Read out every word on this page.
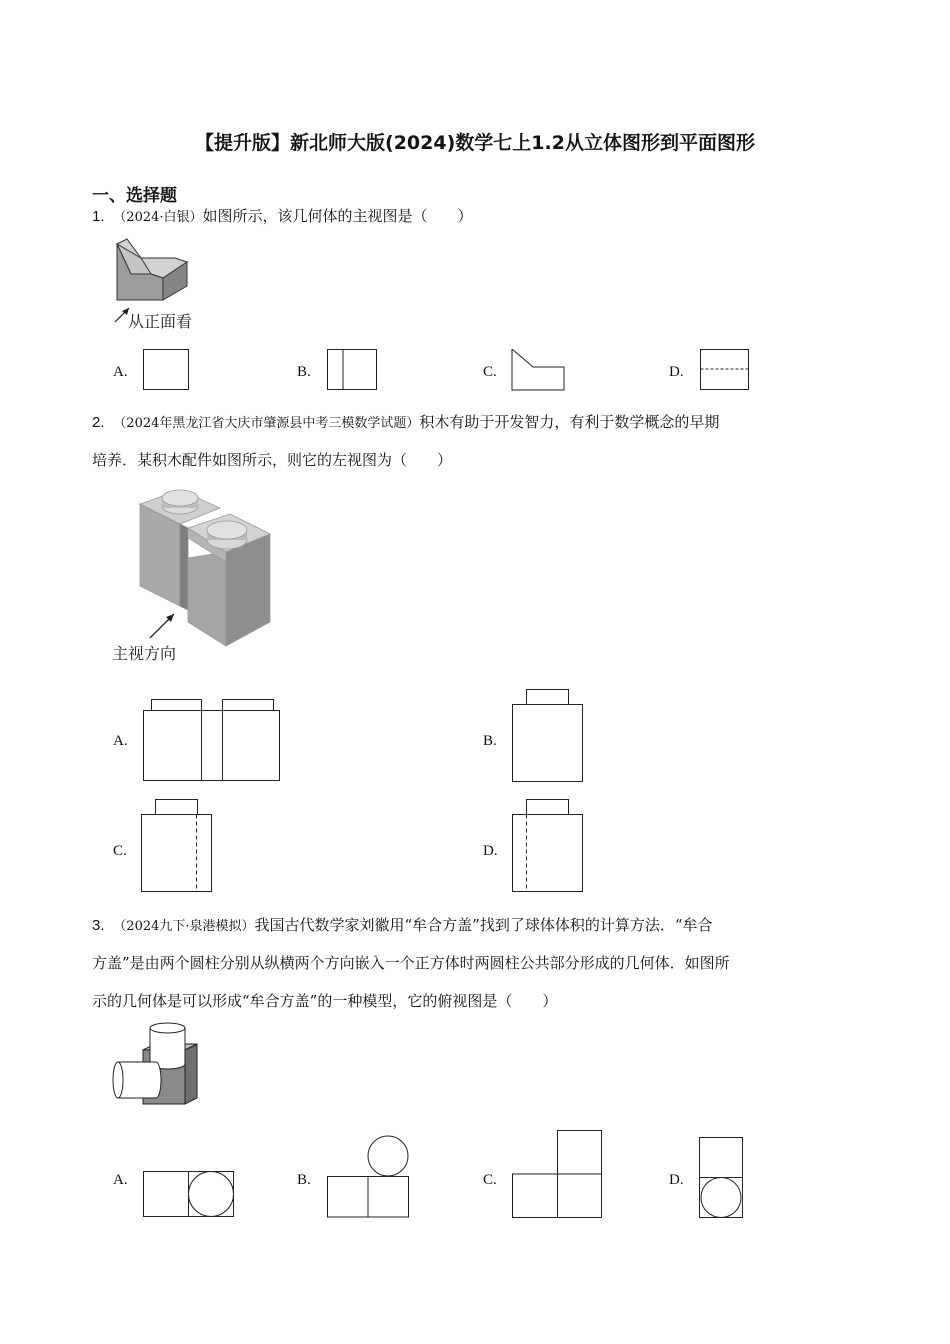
【提升版】新北师大版(2024)数学七上1.2从立体图形到平面图形
一、选择题
1. （2024·白银）如图所示，该几何体的主视图是（　　）
从正面看
A.	B.	C.	D.
2. （2024年黑龙江省大庆市肇源县中考三模数学试题）积木有助于开发智力，有利于数学概念的早期
培养．某积木配件如图所示，则它的左视图为（　　）
主视方向
A.	B.
C.	D.
3. （2024九下·泉港模拟）我国古代数学家刘徽用“牟合方盖”找到了球体体积的计算方法．“牟合
方盖”是由两个圆柱分别从纵横两个方向嵌入一个正方体时两圆柱公共部分形成的几何体．如图所
示的几何体是可以形成“牟合方盖”的一种模型，它的俯视图是（　　）
A.	B.	C.	D.
